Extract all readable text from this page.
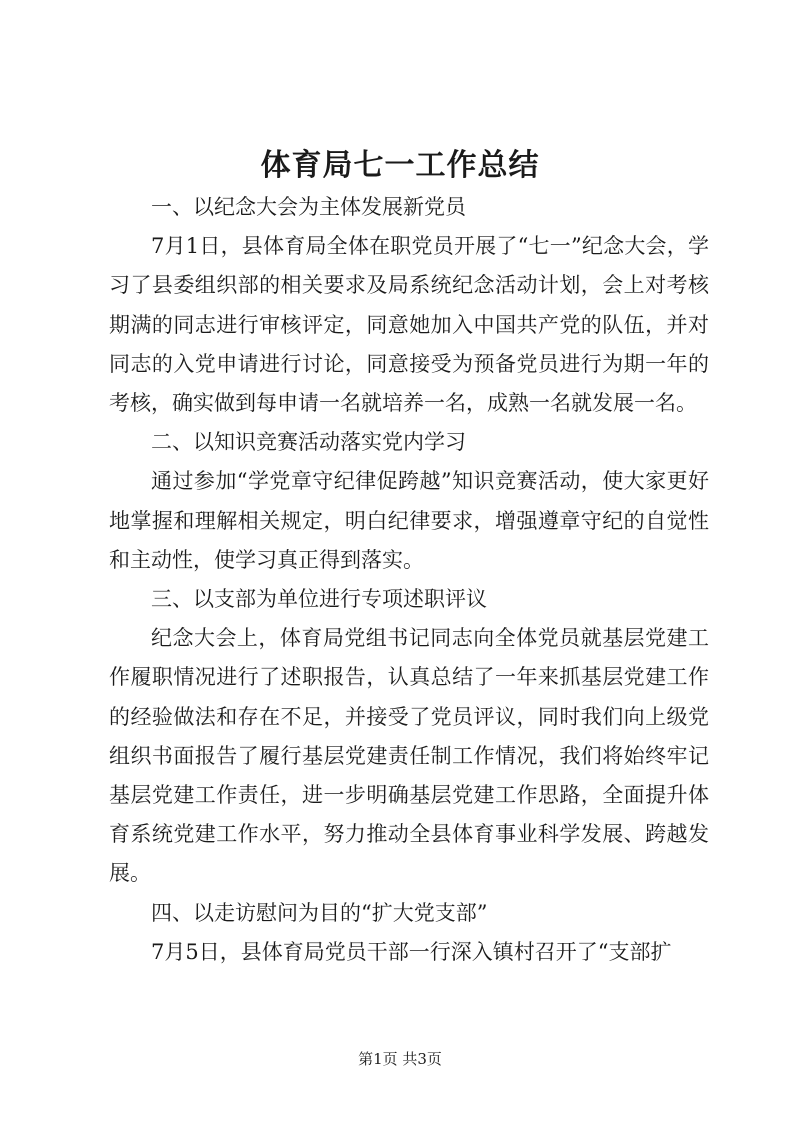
体育局七一工作总结

一、以纪念大会为主体发展新党员

7月1日，县体育局全体在职党员开展了“七一”纪念大会，学习了县委组织部的相关要求及局系统纪念活动计划，会上对考核期满的同志进行审核评定，同意她加入中国共产党的队伍，并对同志的入党申请进行讨论，同意接受为预备党员进行为期一年的考核，确实做到每申请一名就培养一名，成熟一名就发展一名。

二、以知识竞赛活动落实党内学习

通过参加“学党章守纪律促跨越”知识竞赛活动，使大家更好地掌握和理解相关规定，明白纪律要求，增强遵章守纪的自觉性和主动性，使学习真正得到落实。

三、以支部为单位进行专项述职评议

纪念大会上，体育局党组书记同志向全体党员就基层党建工作履职情况进行了述职报告，认真总结了一年来抓基层党建工作的经验做法和存在不足，并接受了党员评议，同时我们向上级党组织书面报告了履行基层党建责任制工作情况，我们将始终牢记基层党建工作责任，进一步明确基层党建工作思路，全面提升体育系统党建工作水平，努力推动全县体育事业科学发展、跨越发展。

四、以走访慰问为目的“扩大党支部”

7月5日，县体育局党员干部一行深入镇村召开了“支部扩

第1页 共3页
